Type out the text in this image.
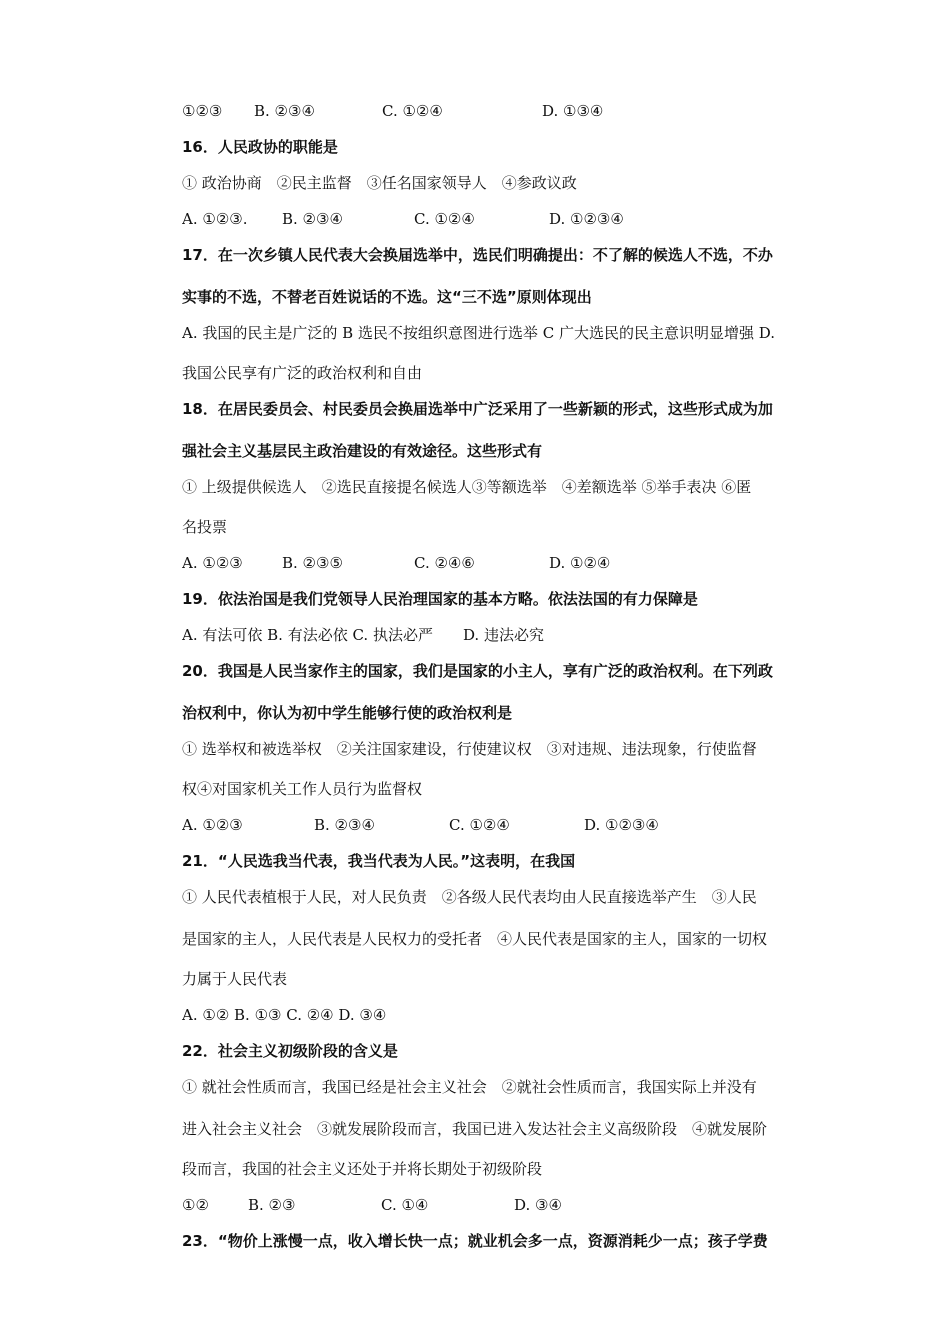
①②③ B. ②③④	C. ①②④	D. ①③④
16．人民政协的职能是
① 政治协商　②民主监督　③任名国家领导人　④参政议政
A. ①②③. B. ②③④	C. ①②④	D. ①②③④
17．在一次乡镇人民代表大会换届选举中，选民们明确提出：不了解的候选人不选，不办
实事的不选，不替老百姓说话的不选。这“三不选”原则体现出
A. 我国的民主是广泛的 B 选民不按组织意图进行选举 C 广大选民的民主意识明显增强 D.
我国公民享有广泛的政治权利和自由
18．在居民委员会、村民委员会换届选举中广泛采用了一些新颖的形式，这些形式成为加
强社会主义基层民主政治建设的有效途径。这些形式有
① 上级提供候选人　②选民直接提名候选人③等额选举　④差额选举 ⑤举手表决 ⑥匿
名投票
A. ①②③	B. ②③⑤	C. ②④⑥	D. ①②④
19．依法治国是我们党领导人民治理国家的基本方略。依法法国的有力保障是
A. 有法可依 B. 有法必依 C. 执法必严　　D. 违法必究
20．我国是人民当家作主的国家，我们是国家的小主人，享有广泛的政治权利。在下列政
治权利中，你认为初中学生能够行使的政治权利是
① 选举权和被选举权　②关注国家建设，行使建议权　③对违规、违法现象，行使监督
权④对国家机关工作人员行为监督权
A. ①②③	B. ②③④	C. ①②④	D. ①②③④
21．“人民选我当代表，我当代表为人民。”这表明，在我国
① 人民代表植根于人民，对人民负责　②各级人民代表均由人民直接选举产生　③人民
是国家的主人，人民代表是人民权力的受托者　④人民代表是国家的主人，国家的一切权
力属于人民代表
A. ①② B. ①③ C. ②④ D. ③④
22．社会主义初级阶段的含义是
① 就社会性质而言，我国已经是社会主义社会　②就社会性质而言，我国实际上并没有
进入社会主义社会　③就发展阶段而言，我国已进入发达社会主义高级阶段　④就发展阶
段而言，我国的社会主义还处于并将长期处于初级阶段
①②	B. ②③	C. ①④	D. ③④
23．“物价上涨慢一点，收入增长快一点；就业机会多一点，资源消耗少一点；孩子学费
